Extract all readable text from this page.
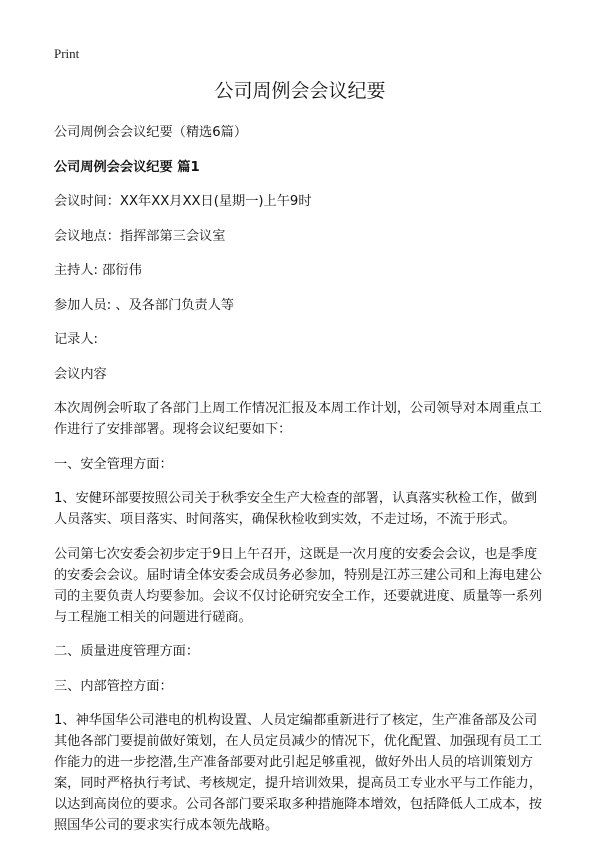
Print
公司周例会会议纪要

公司周例会会议纪要（精选6篇）

公司周例会会议纪要 篇1

会议时间：XX年XX月XX日(星期一)上午9时

会议地点：指挥部第三会议室

主持人: 邵衍伟

参加人员: 、及各部门负责人等

记录人:

会议内容

本次周例会听取了各部门上周工作情况汇报及本周工作计划，公司领导对本周重点工作进行了安排部署。现将会议纪要如下：

一、安全管理方面：

1、安健环部要按照公司关于秋季安全生产大检查的部署，认真落实秋检工作，做到人员落实、项目落实、时间落实，确保秋检收到实效，不走过场，不流于形式。

公司第七次安委会初步定于9日上午召开，这既是一次月度的安委会会议，也是季度的安委会会议。届时请全体安委会成员务必参加，特别是江苏三建公司和上海电建公司的主要负责人均要参加。会议不仅讨论研究安全工作，还要就进度、质量等一系列与工程施工相关的问题进行磋商。

二、质量进度管理方面：

三、内部管控方面：

1、神华国华公司港电的机构设置、人员定编都重新进行了核定，生产准备部及公司其他各部门要提前做好策划，在人员定员减少的情况下，优化配置、加强现有员工工作能力的进一步挖潜,生产准备部要对此引起足够重视，做好外出人员的培训策划方案，同时严格执行考试、考核规定，提升培训效果，提高员工专业水平与工作能力，以达到高岗位的要求。公司各部门要采取多种措施降本增效，包括降低人工成本，按照国华公司的要求实行成本领先战略。
